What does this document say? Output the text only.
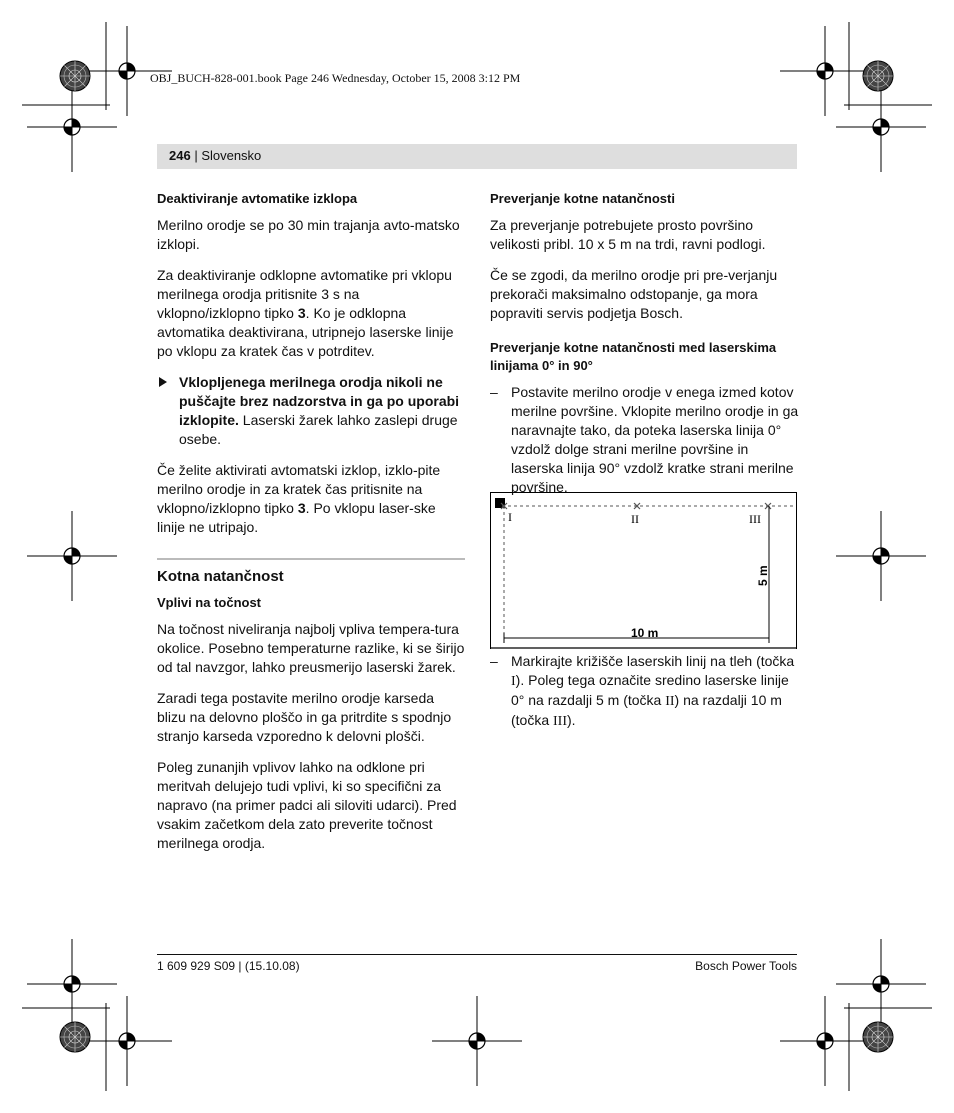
OBJ_BUCH-828-001.book Page 246 Wednesday, October 15, 2008 3:12 PM
246 | Slovensko
Deaktiviranje avtomatike izklopa

Merilno orodje se po 30 min trajanja avto-matsko izklopi.

Za deaktiviranje odklopne avtomatike pri vklopu merilnega orodja pritisnite 3 s na vklopno/izklopno tipko 3. Ko je odklopna avtomatika deaktivirana, utripnejo laserske linije po vklopu za kratek čas v potrditev.

Vklopljenega merilnega orodja nikoli ne puščajte brez nadzorstva in ga po uporabi izklopite. Laserski žarek lahko zaslepi druge osebe.

Če želite aktivirati avtomatski izklop, izklo-pite merilno orodje in za kratek čas pritisnite na vklopno/izklopno tipko 3. Po vklopu laser-ske linije ne utripajo.

Kotna natančnost
Vplivi na točnost

Na točnost niveliranja najbolj vpliva tempera-tura okolice. Posebno temperaturne razlike, ki se širijo od tal navzgor, lahko preusmerijo laserski žarek.

Zaradi tega postavite merilno orodje karseda blizu na delovno ploščo in ga pritrdite s spodnjo stranjo karseda vzporedno k delovni plošči.

Poleg zunanjih vplivov lahko na odklone pri meritvah delujejo tudi vplivi, ki so specifični za napravo (na primer padci ali siloviti udarci). Pred vsakim začetkom dela zato preverite točnost merilnega orodja.

Preverjanje kotne natančnosti

Za preverjanje potrebujete prosto površino velikosti pribl. 10 x 5 m na trdi, ravni podlogi.

Če se zgodi, da merilno orodje pri pre-verjanju prekorači maksimalno odstopanje, ga mora popraviti servis podjetja Bosch.

Preverjanje kotne natančnosti med laserskima linijama 0° in 90°
– Postavite merilno orodje v enega izmed kotov merilne površine. Vklopite merilno orodje in ga naravnajte tako, da poteka laserska linija 0° vzdolž dolge strani merilne površine in laserska linija 90° vzdolž kratke strani merilne površine.
I	II	III
10 m
5 m
– Markirajte križišče laserskih linij na tleh (točka I). Poleg tega označite sredino laserske linije 0° na razdalji 5 m (točka II) na razdalji 10 m (točka III).
1 609 929 S09 | (15.10.08)	Bosch Power Tools
